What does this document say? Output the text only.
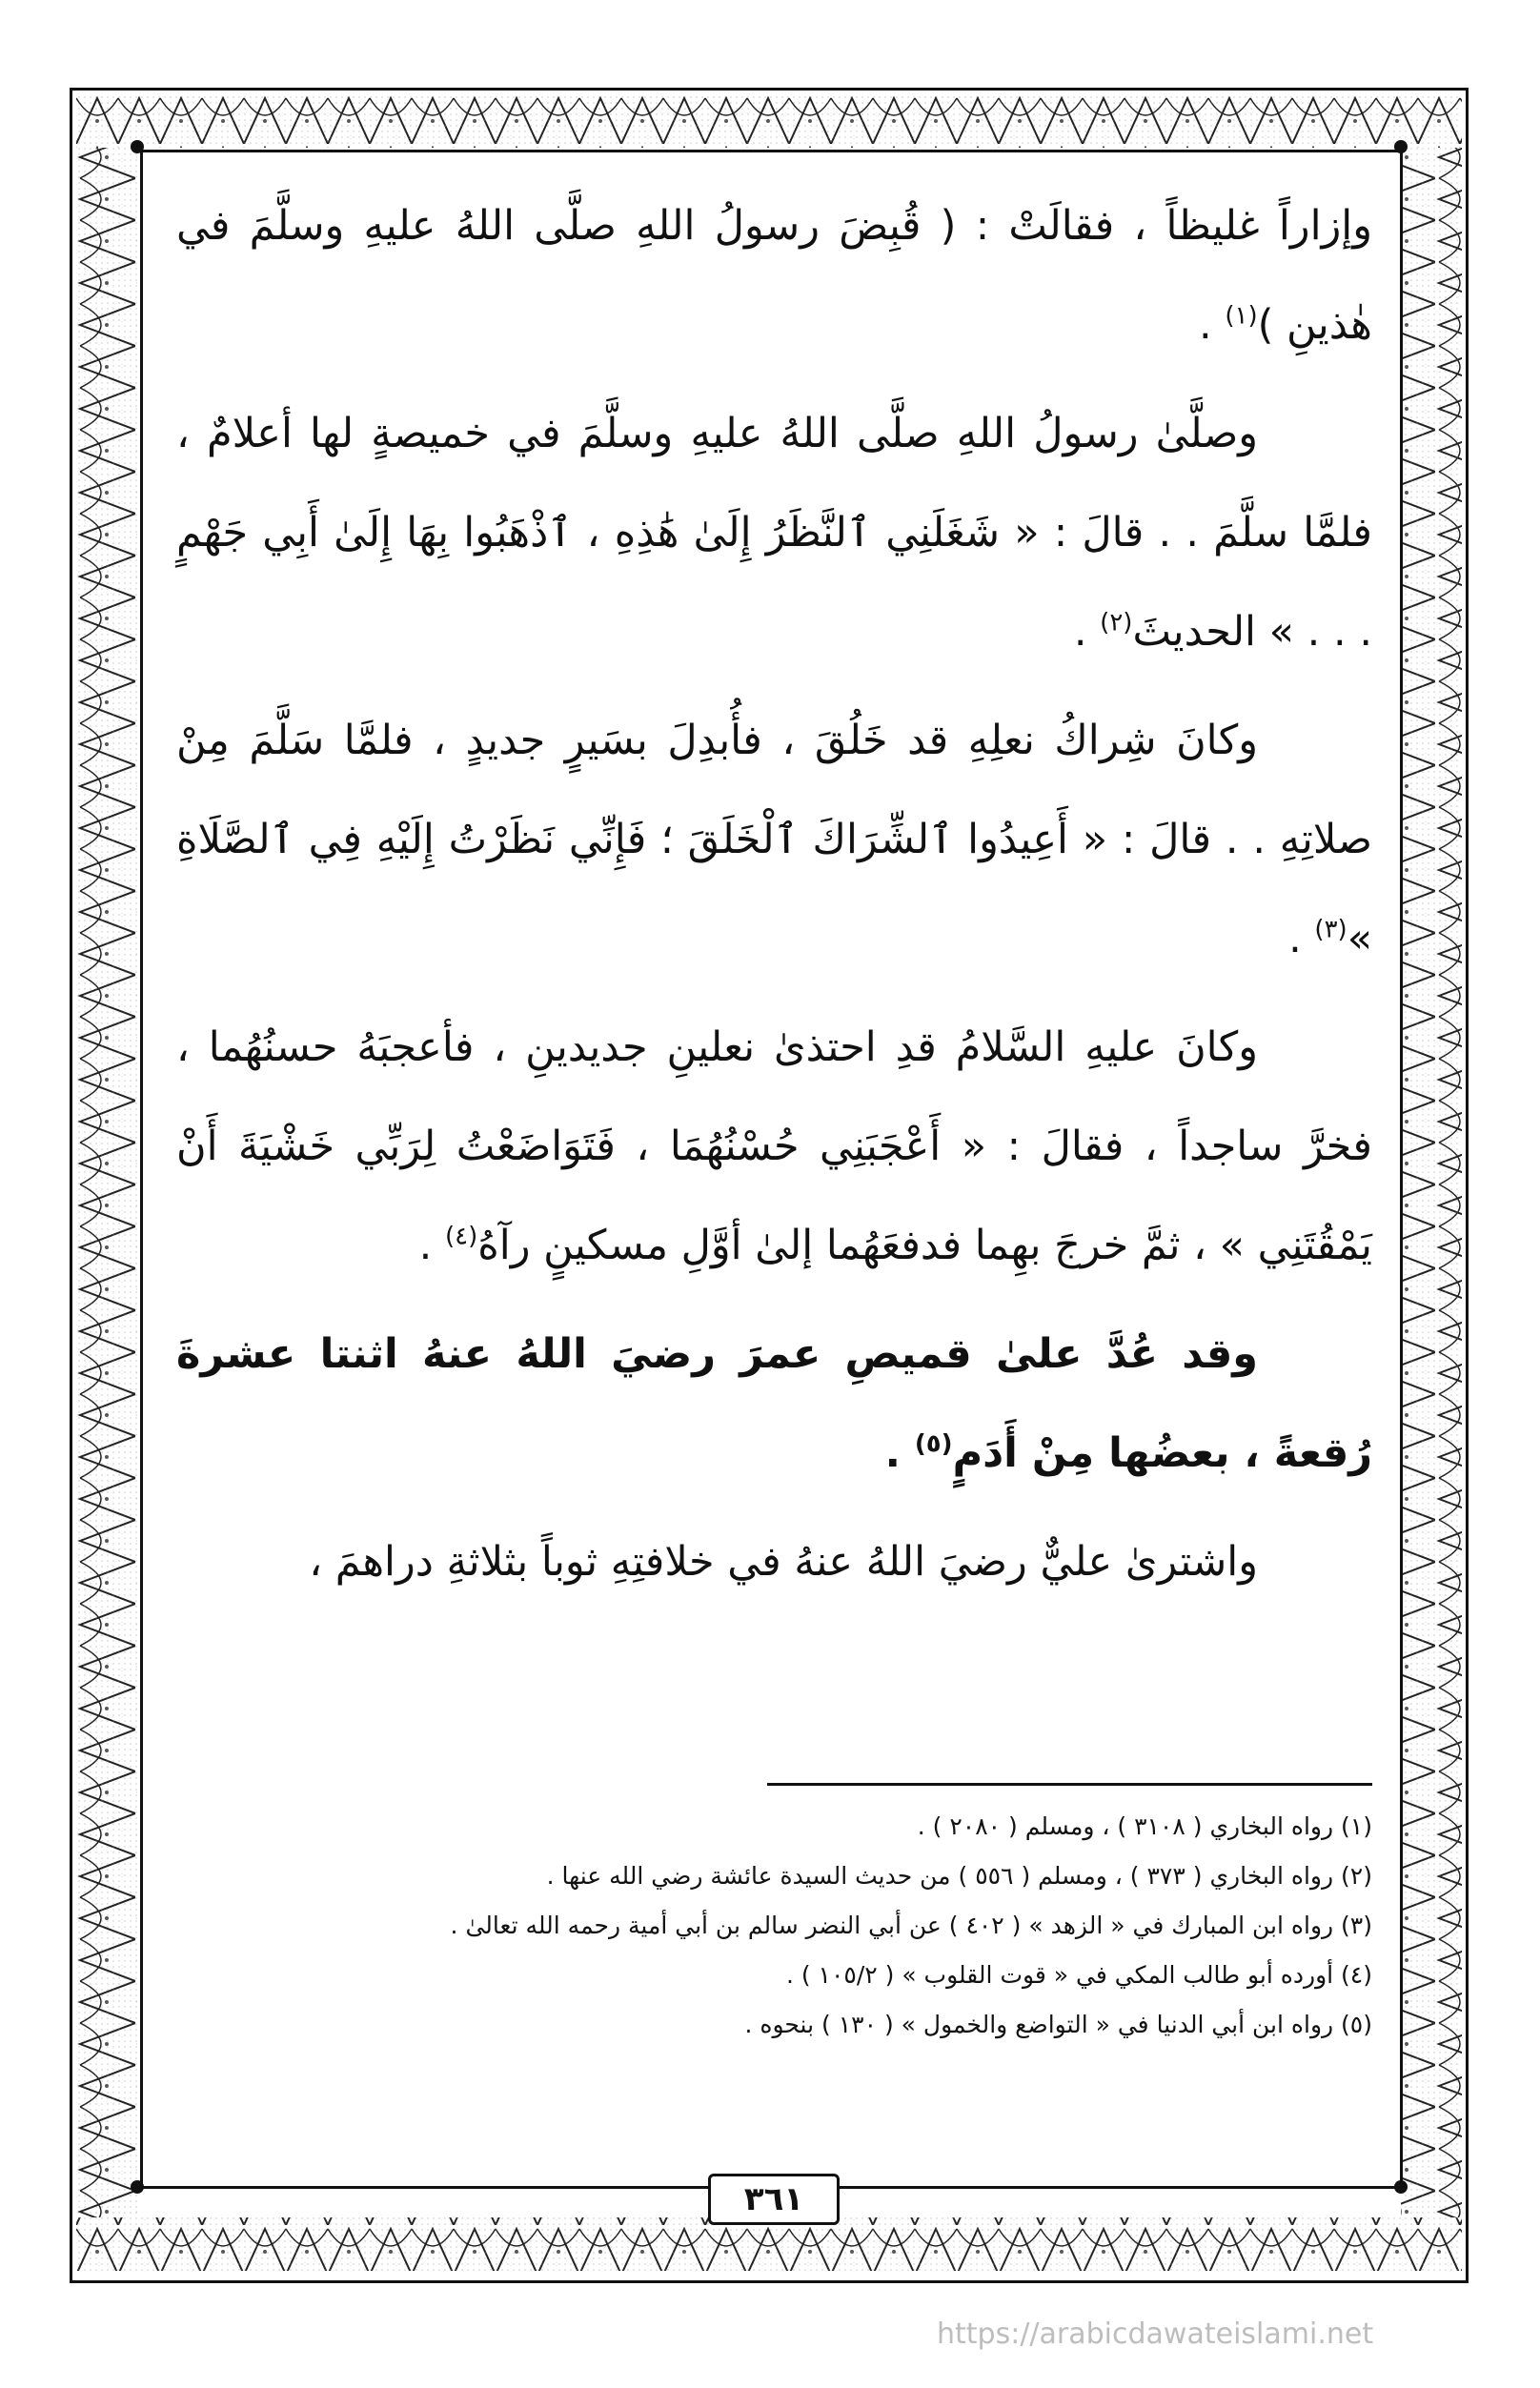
وإزاراً غليظاً ، فقالَتْ : ( قُبِضَ رسولُ اللهِ صلَّى اللهُ عليهِ وسلَّمَ في هٰذينِ )$^{(١)}$ .

وصلَّىٰ رسولُ اللهِ صلَّى اللهُ عليهِ وسلَّمَ في خميصةٍ لها أعلامٌ ، فلمَّا سلَّمَ . . قالَ : « شَغَلَنِي ٱلنَّظَرُ إِلَىٰ هَٰذِهِ ، ٱذْهَبُوا بِهَا إِلَىٰ أَبِي جَهْمٍ . . . » الحديثَ$^{(٢)}$ .

وكانَ شِراكُ نعلِهِ قد خَلُقَ ، فأُبدِلَ بسَيرٍ جديدٍ ، فلمَّا سَلَّمَ مِنْ صلاتِهِ . . قالَ : « أَعِيدُوا ٱلشِّرَاكَ ٱلْخَلَقَ ؛ فَإِنِّي نَظَرْتُ إِلَيْهِ فِي ٱلصَّلَاةِ »$^{(٣)}$ .

وكانَ عليهِ السَّلامُ قدِ احتذىٰ نعلينِ جديدينِ ، فأعجبَهُ حسنُهُما ، فخرَّ ساجداً ، فقالَ : « أَعْجَبَنِي حُسْنُهُمَا ، فَتَوَاضَعْتُ لِرَبِّي خَشْيَةَ أَنْ يَمْقُتَنِي » ، ثمَّ خرجَ بهِما فدفعَهُما إلىٰ أوَّلِ مسكينٍ رآهُ$^{(٤)}$ .

وقد عُدَّ علىٰ قميصِ عمرَ رضيَ اللهُ عنهُ اثنتا عشرةَ رُقعةً ، بعضُها مِنْ أَدَمٍ$^{(٥)}$ .

واشترىٰ عليٌّ رضيَ اللهُ عنهُ في خلافتِهِ ثوباً بثلاثةِ دراهمَ ،

(١) رواه البخاري ( ٣١٠٨ ) ، ومسلم ( ٢٠٨٠ ) .

(٢) رواه البخاري ( ٣٧٣ ) ، ومسلم ( ٥٥٦ ) من حديث السيدة عائشة رضي الله عنها .

(٣) رواه ابن المبارك في « الزهد » ( ٤٠٢ ) عن أبي النضر سالم بن أبي أمية رحمه الله تعالىٰ .

(٤) أورده أبو طالب المكي في « قوت القلوب » ( ١٠٥/٢ ) .

(٥) رواه ابن أبي الدنيا في « التواضع والخمول » ( ١٣٠ ) بنحوه .

٣٦١
https://arabicdawateislami.net
